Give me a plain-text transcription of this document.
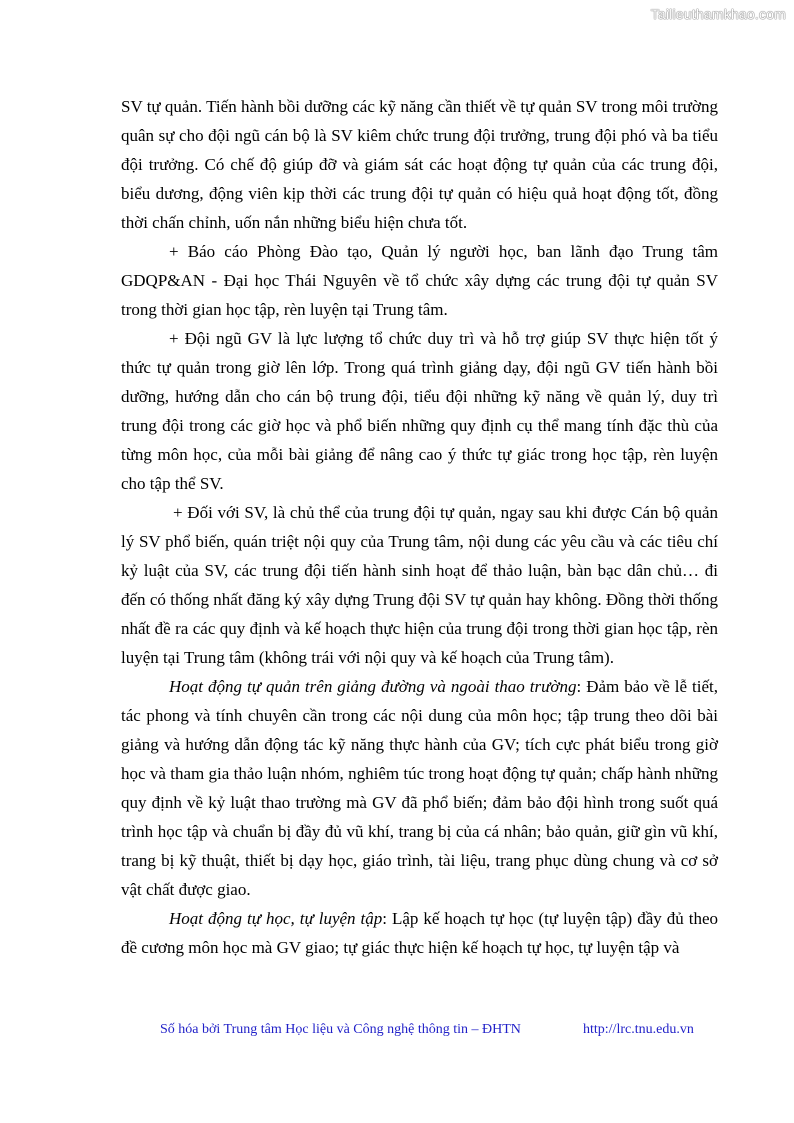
Tailieuthamkhao.com

SV tự quản. Tiến hành bồi dưỡng các kỹ năng cần thiết về tự quản SV trong môi trường quân sự cho đội ngũ cán bộ là SV kiêm chức trung đội trưởng, trung đội phó và ba tiểu đội trưởng. Có chế độ giúp đỡ và giám sát các hoạt động tự quản của các trung đội, biểu dương, động viên kịp thời các trung đội tự quản có hiệu quả hoạt động tốt, đồng thời chấn chỉnh, uốn nắn những biểu hiện chưa tốt.

+ Báo cáo Phòng Đào tạo, Quản lý người học, ban lãnh đạo Trung tâm GDQP&AN - Đại học Thái Nguyên về tổ chức xây dựng các trung đội tự quản SV trong thời gian học tập, rèn luyện tại Trung tâm.

+ Đội ngũ GV là lực lượng tổ chức duy trì và hỗ trợ giúp SV thực hiện tốt ý thức tự quản trong giờ lên lớp. Trong quá trình giảng dạy, đội ngũ GV tiến hành bồi dưỡng, hướng dẫn cho cán bộ trung đội, tiểu đội những kỹ năng về quản lý, duy trì trung đội trong các giờ học và phổ biến những quy định cụ thể mang tính đặc thù của từng môn học, của mỗi bài giảng để nâng cao ý thức tự giác trong học tập, rèn luyện cho tập thể SV.

+ Đối với SV, là chủ thể của trung đội tự quản, ngay sau khi được Cán bộ quản lý SV phổ biến, quán triệt nội quy của Trung tâm, nội dung các yêu cầu và các tiêu chí kỷ luật của SV, các trung đội tiến hành sinh hoạt để thảo luận, bàn bạc dân chủ… đi đến có thống nhất đăng ký xây dựng Trung đội SV tự quản hay không. Đồng thời thống nhất đề ra các quy định và kế hoạch thực hiện của trung đội trong thời gian học tập, rèn luyện tại Trung tâm (không trái với nội quy và kế hoạch của Trung tâm).

Hoạt động tự quản trên giảng đường và ngoài thao trường: Đảm bảo về lễ tiết, tác phong và tính chuyên cần trong các nội dung của môn học; tập trung theo dõi bài giảng và hướng dẫn động tác kỹ năng thực hành của GV; tích cực phát biểu trong giờ học và tham gia thảo luận nhóm, nghiêm túc trong hoạt động tự quản; chấp hành những quy định về kỷ luật thao trường mà GV đã phổ biến; đảm bảo đội hình trong suốt quá trình học tập và chuẩn bị đầy đủ vũ khí, trang bị của cá nhân; bảo quản, giữ gìn vũ khí, trang bị kỹ thuật, thiết bị dạy học, giáo trình, tài liệu, trang phục dùng chung và cơ sở vật chất được giao.

Hoạt động tự học, tự luyện tập: Lập kế hoạch tự học (tự luyện tập) đầy đủ theo đề cương môn học mà GV giao; tự giác thực hiện kế hoạch tự học, tự luyện tập và

Số hóa bởi Trung tâm Học liệu và Công nghệ thông tin – ĐHTN	http://lrc.tnu.edu.vn
